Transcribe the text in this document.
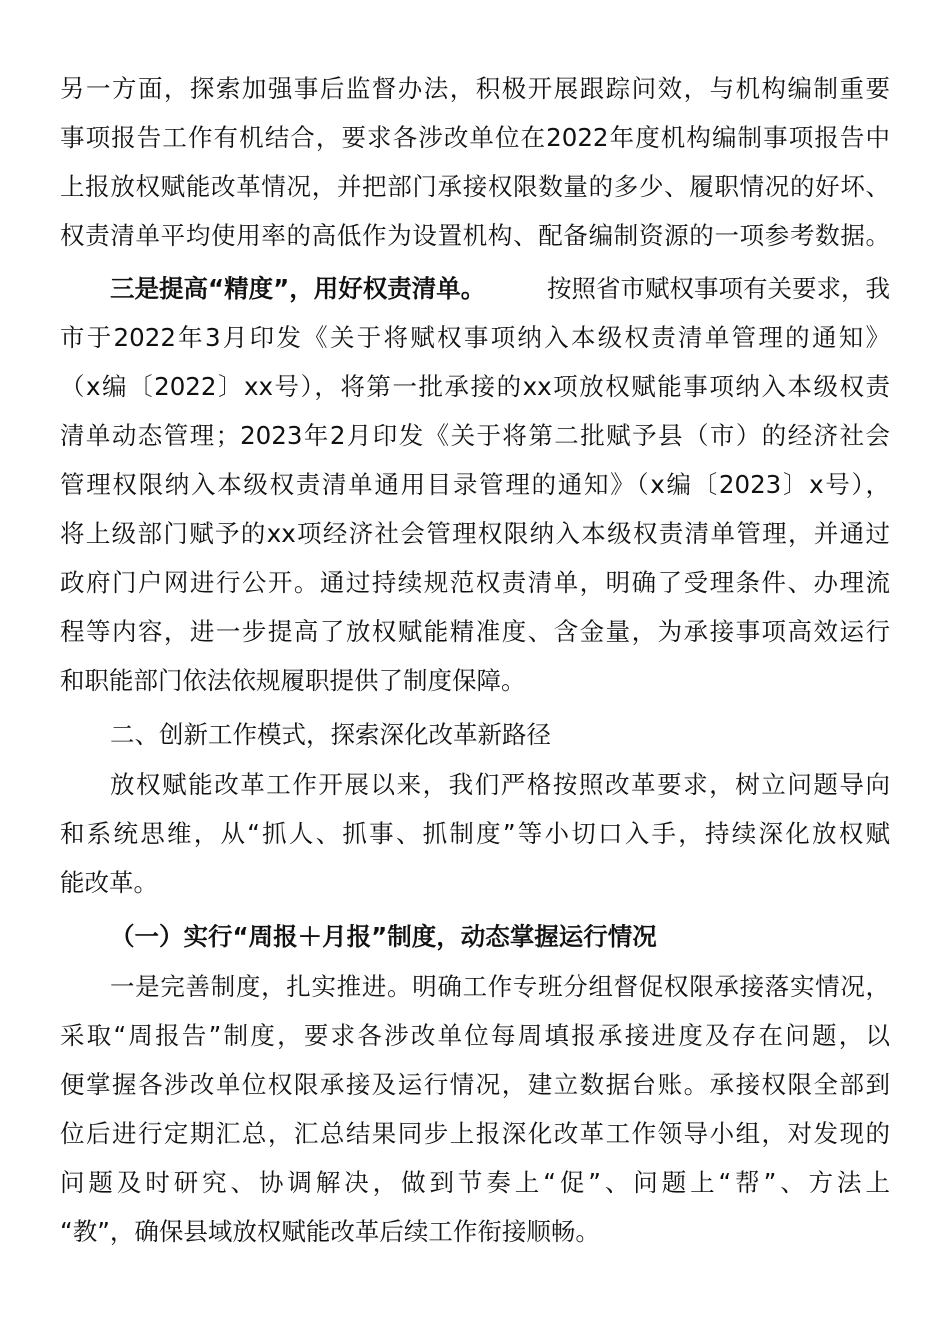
另一方面，探索加强事后监督办法，积极开展跟踪问效，与机构编制重要
事项报告工作有机结合，要求各涉改单位在2022年度机构编制事项报告中
上报放权赋能改革情况，并把部门承接权限数量的多少、履职情况的好坏、
权责清单平均使用率的高低作为设置机构、配备编制资源的一项参考数据。
三是提高“精度”，用好权责清单。	按照省市赋权事项有关要求，我
市于2022年3月印发《关于将赋权事项纳入本级权责清单管理的通知》
（x编〔2022〕xx号），将第一批承接的xx项放权赋能事项纳入本级权责
清单动态管理；2023年2月印发《关于将第二批赋予县（市）的经济社会
管理权限纳入本级权责清单通用目录管理的通知》（x编〔2023〕x号），
将上级部门赋予的xx项经济社会管理权限纳入本级权责清单管理，并通过
政府门户网进行公开。通过持续规范权责清单，明确了受理条件、办理流
程等内容，进一步提高了放权赋能精准度、含金量，为承接事项高效运行
和职能部门依法依规履职提供了制度保障。
二、创新工作模式，探索深化改革新路径
放权赋能改革工作开展以来，我们严格按照改革要求，树立问题导向
和系统思维，从“抓人、抓事、抓制度”等小切口入手，持续深化放权赋
能改革。
（一）实行“周报＋月报”制度，动态掌握运行情况
一是完善制度，扎实推进。明确工作专班分组督促权限承接落实情况，
采取“周报告”制度，要求各涉改单位每周填报承接进度及存在问题，以
便掌握各涉改单位权限承接及运行情况，建立数据台账。承接权限全部到
位后进行定期汇总，汇总结果同步上报深化改革工作领导小组，对发现的
问题及时研究、协调解决，做到节奏上“促”、问题上“帮”、方法上
“教”，确保县域放权赋能改革后续工作衔接顺畅。
